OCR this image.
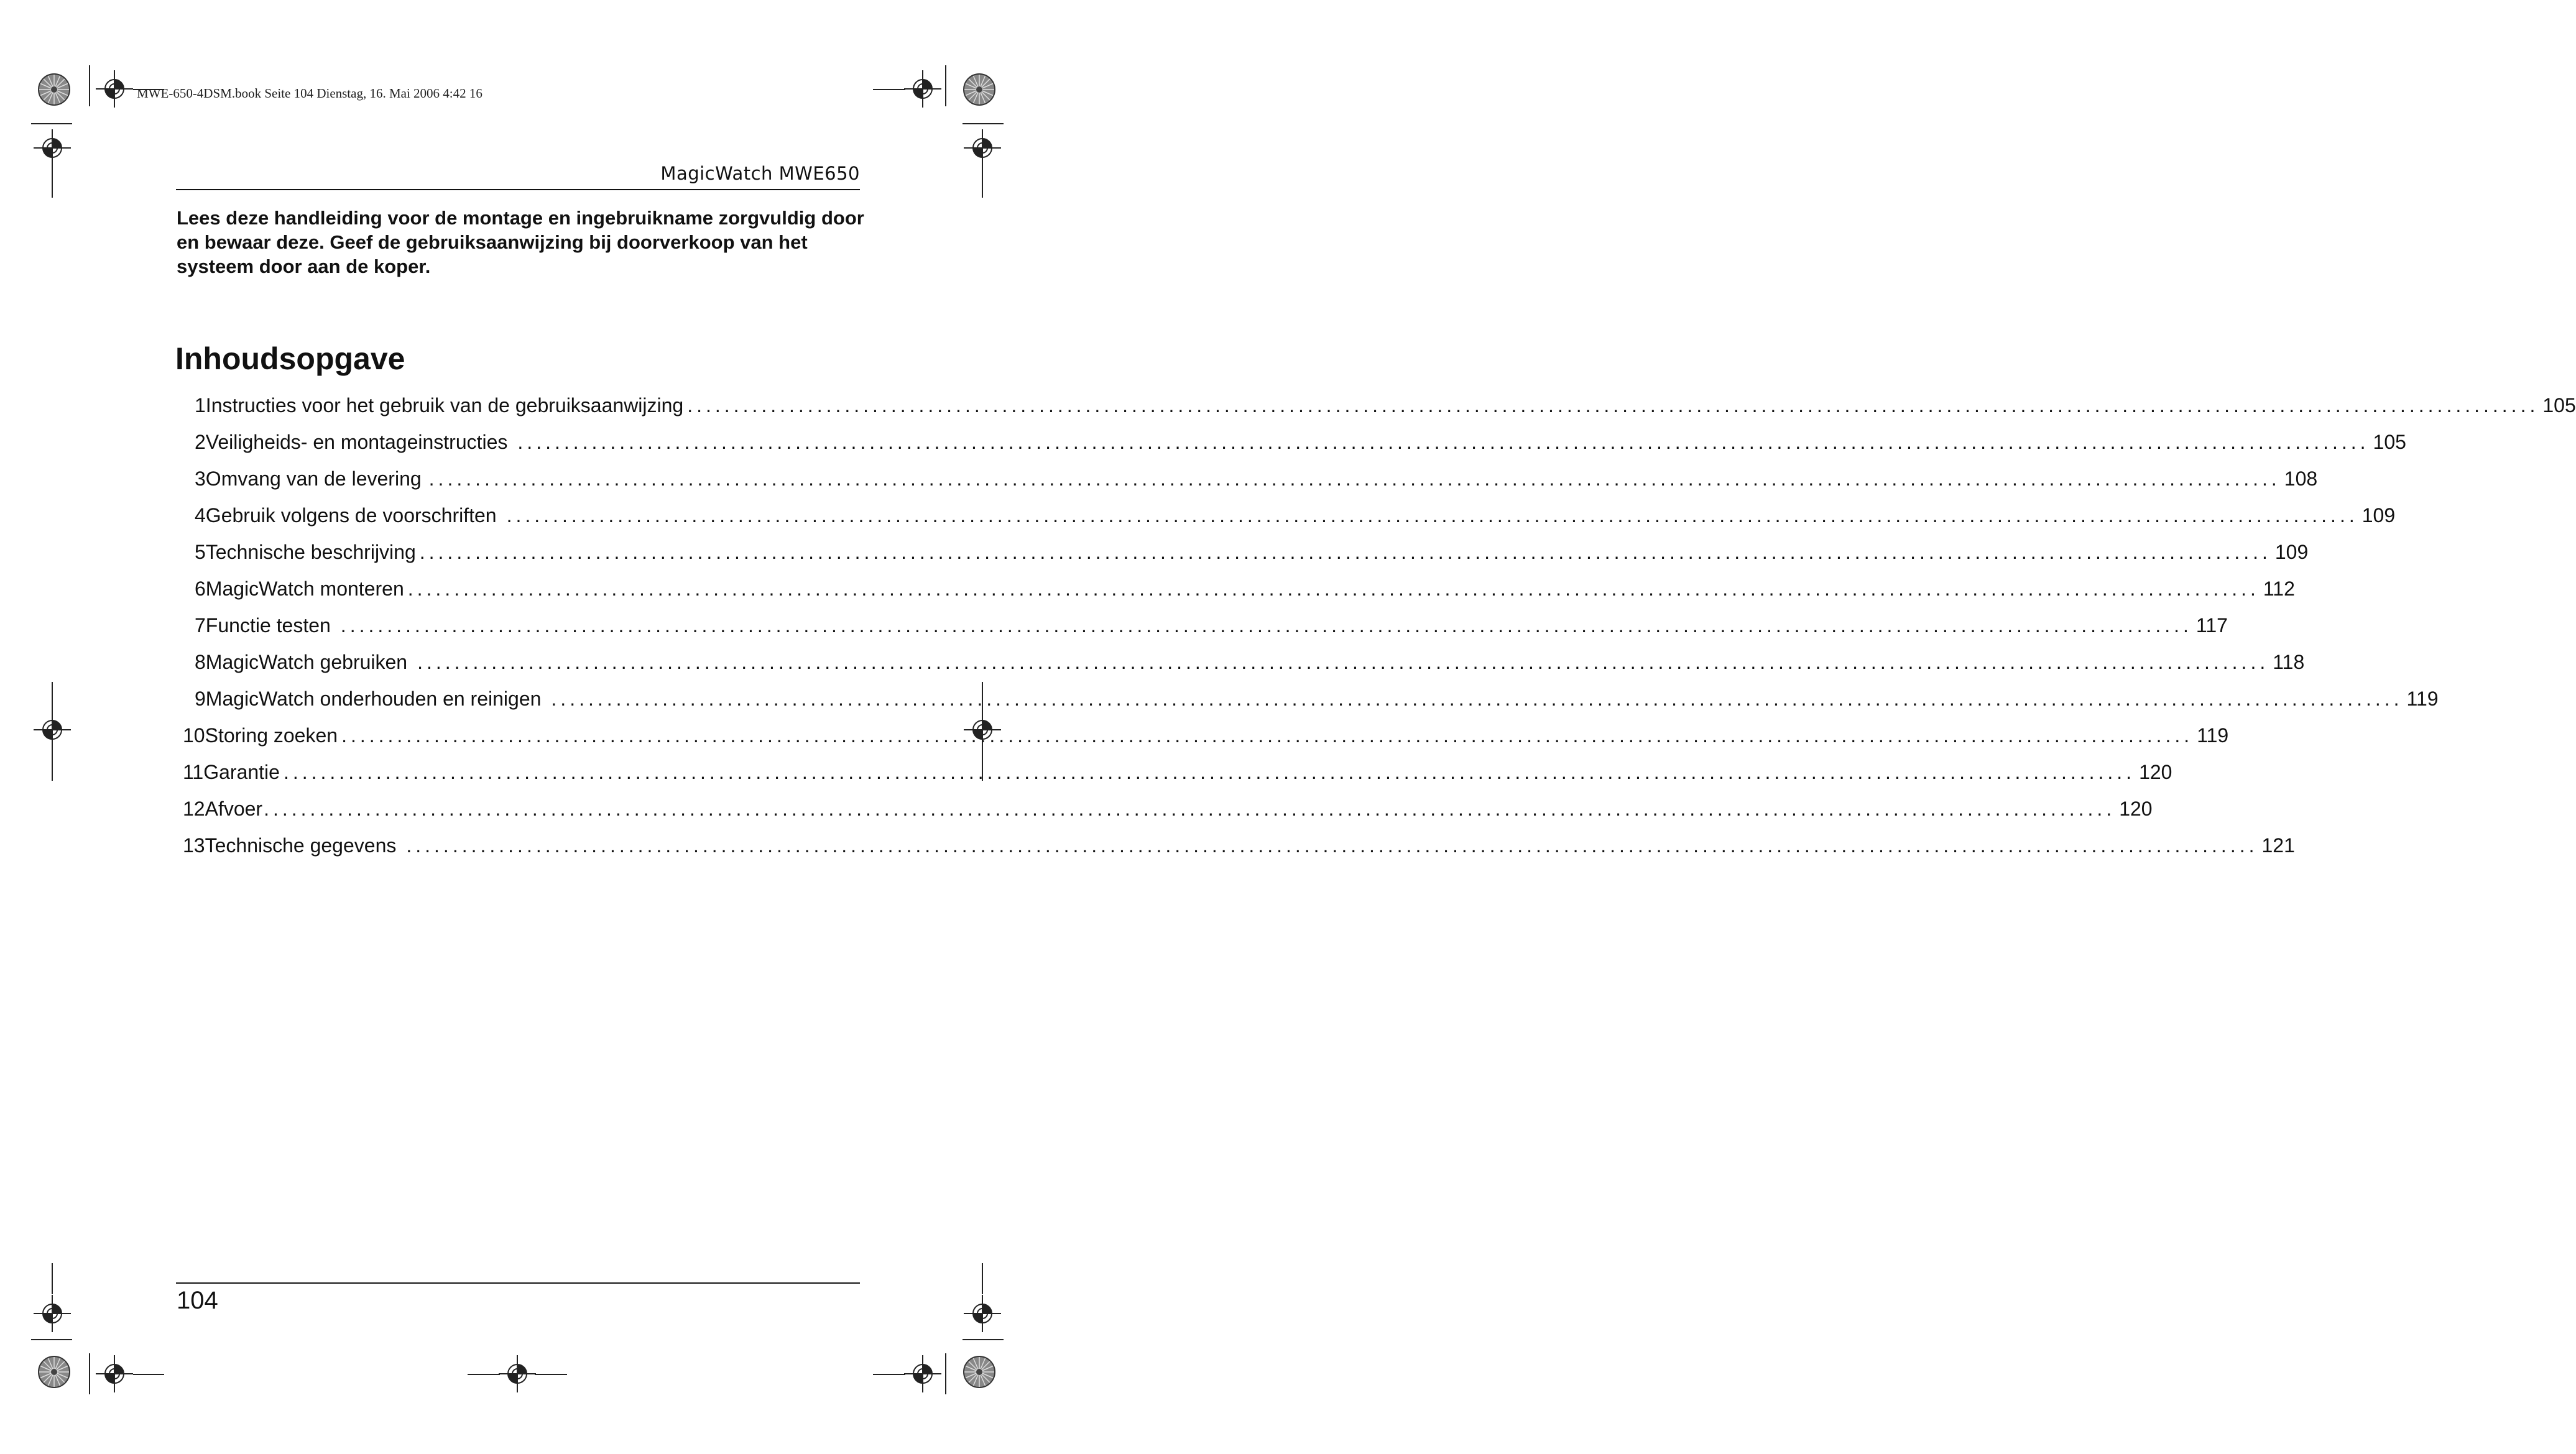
MWE-650-4DSM.book Seite 104 Dienstag, 16. Mai 2006 4:42 16
MagicWatch MWE650
Lees deze handleiding voor de montage en ingebruikname zorgvuldig door en bewaar deze. Geef de gebruiksaanwijzing bij doorverkoop van het systeem door aan de koper.
Inhoudsopgave
1 Instructies voor het gebruik van de gebruiksaanwijzing ........................................................................................................................................................................................................ 105
2 Veiligheids- en montageinstructies ........................................................................................................................................................................................................ 105
3 Omvang van de levering ........................................................................................................................................................................................................ 108
4 Gebruik volgens de voorschriften ........................................................................................................................................................................................................ 109
5 Technische beschrijving ........................................................................................................................................................................................................ 109
6 MagicWatch monteren ........................................................................................................................................................................................................ 112
7 Functie testen ........................................................................................................................................................................................................ 117
8 MagicWatch gebruiken ........................................................................................................................................................................................................ 118
9 MagicWatch onderhouden en reinigen ........................................................................................................................................................................................................ 119
10 Storing zoeken ........................................................................................................................................................................................................ 119
11 Garantie ........................................................................................................................................................................................................ 120
12 Afvoer ........................................................................................................................................................................................................ 120
13 Technische gegevens ........................................................................................................................................................................................................ 121
104
